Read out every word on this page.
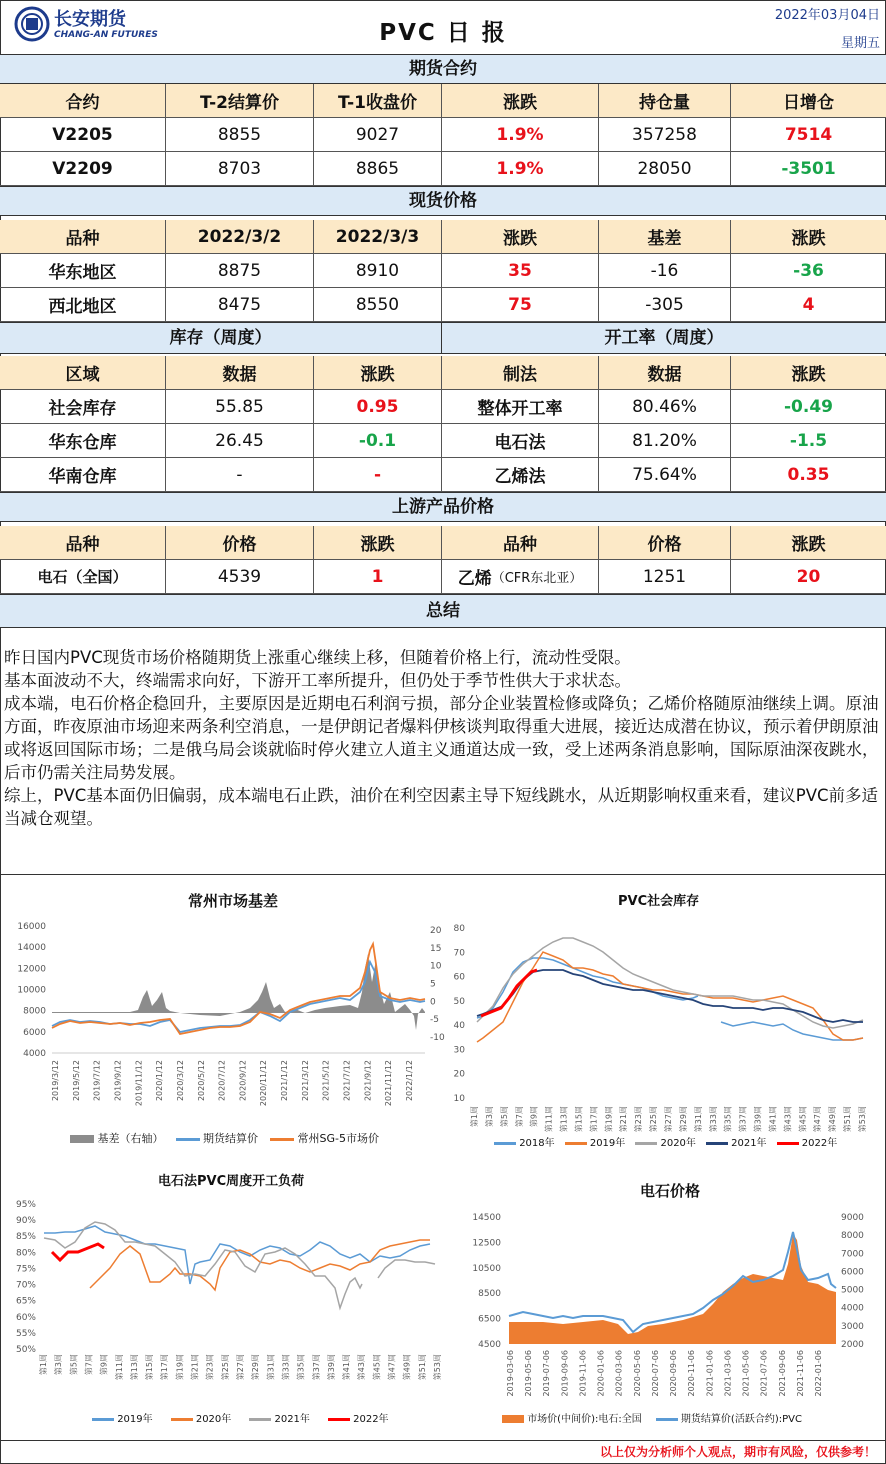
长安期货
CHANG-AN FUTURES	PVC 日 报
2022年03月04日
星期五
期货合约
合约	T-2结算价	T-1收盘价	涨跌	持仓量	日增仓
V2205	8855	9027	1.9%	357258	7514
V2209	8703	8865	1.9%	28050	-3501
现货价格
品种	2022/3/2	2022/3/3	涨跌	基差	涨跌
华东地区	8875	8910	35	-16	-36
西北地区	8475	8550	75	-305	4
库存（周度）	开工率（周度）
区域	数据	涨跌	制法	数据	涨跌
社会库存	55.85	0.95	整体开工率	80.46%	-0.49
华东仓库	26.45	-0.1	电石法	81.20%	-1.5
华南仓库	-	-	乙烯法	75.64%	0.35
上游产品价格
品种	价格	涨跌	品种	价格	涨跌
电石（全国）	4539	1	乙烯 （CFR东北亚）	1251	20
总结

昨日国内PVC现货市场价格随期货上涨重心继续上移，但随着价格上行，流动性受限。

基本面波动不大，终端需求向好，下游开工率所提升，但仍处于季节性供大于求状态。

成本端，电石价格企稳回升，主要原因是近期电石利润亏损，部分企业装置检修或降负；乙烯价格随原油继续上调。原油方面，昨夜原油市场迎来两条利空消息，一是伊朗记者爆料伊核谈判取得重大进展，接近达成潜在协议，预示着伊朗原油或将返回国际市场；二是俄乌局会谈就临时停火建立人道主义通道达成一致，受上述两条消息影响，国际原油深夜跳水，后市仍需关注局势发展。

综上，PVC基本面仍旧偏弱，成本端电石止跌，油价在利空因素主导下短线跳水，从近期影响权重来看，建议PVC前多适当减仓观望。

常州市场基差
16000
14000
12000
10000
8000
6000
4000
20
15
10
5
0
-5
-10
2019/3/12 2019/5/12 2019/7/12 2019/9/12 2019/11/12 2020/1/12 2020/3/12 2020/5/12 2020/7/12 2020/9/12 2020/11/12 2021/1/12 2021/3/12 2021/5/12 2021/7/12 2021/9/12 2021/11/12 2022/1/12
基差（右轴）	期货结算价	常州SG-5市场价
PVC社会库存
80
70
60
50
40
30
20
10
第1周 第3周 第5周 第7周 第9周 第11周 第13周 第15周 第17周 第19周 第21周 第23周 第25周 第27周 第29周 第31周 第33周 第35周 第37周 第39周 第41周 第43周 第45周 第47周 第49周 第51周 第53周
2018年	2019年	2020年	2021年	2022年
电石法PVC周度开工负荷
95%
90%
85%
80%
75%
70%
65%
60%
55%
50%
第1周 第3周 第5周 第7周 第9周 第11周 第13周 第15周 第17周 第19周 第21周 第23周 第25周 第27周 第29周 第31周 第33周 第35周 第37周 第39周 第41周 第43周 第45周 第47周 第49周 第51周 第53周
2019年	2020年	2021年	2022年
电石价格
14500
12500
10500
8500
6500
4500
9000
8000
7000
6000
5000
4000
3000
2000
2019-03-06 2019-05-06 2019-07-06 2019-09-06 2019-11-06 2020-01-06 2020-03-06 2020-05-06 2020-07-06 2020-09-06 2020-11-06 2021-01-06 2021-03-06 2021-05-06 2021-07-06 2021-09-06 2021-11-06 2022-01-06
市场价(中间价):电石:全国	期货结算价(活跃合约):PVC
以上仅为分析师个人观点，期市有风险，仅供参考！
